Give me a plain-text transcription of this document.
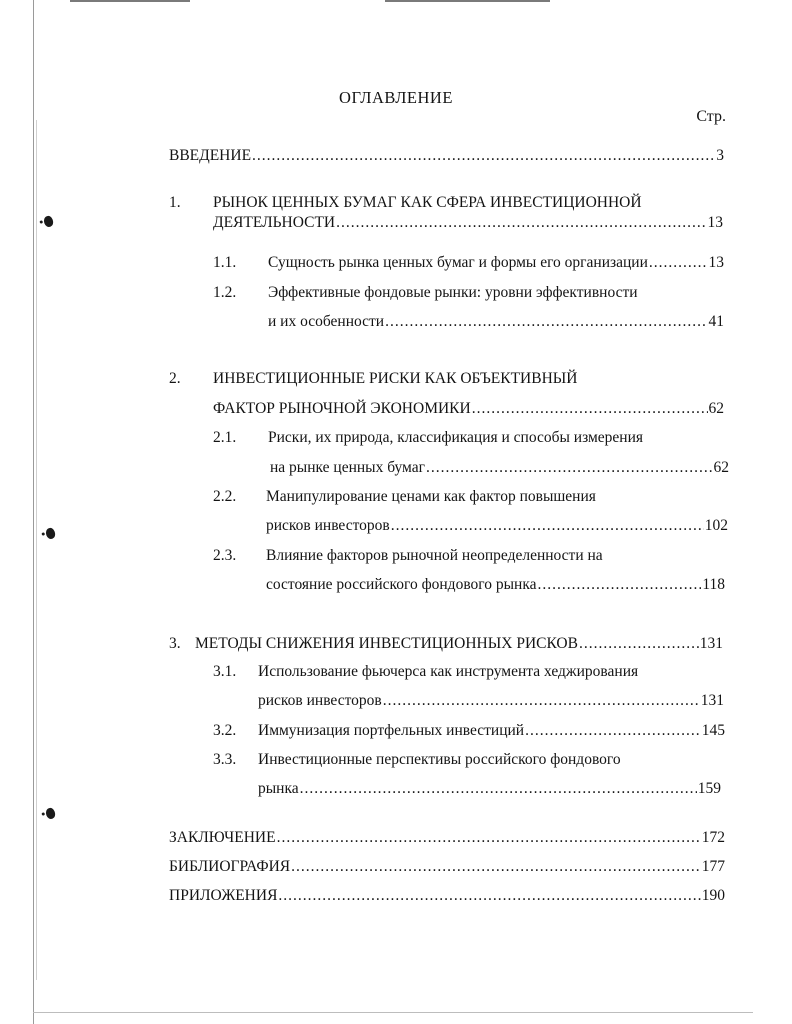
ОГЛАВЛЕНИЕ
Стр.
ВВЕДЕНИЕ .....	3
1. РЫНОК ЦЕННЫХ БУМАГ КАК СФЕРА ИНВЕСТИЦИОННОЙ
ДЕЯТЕЛЬНОСТИ .....	13
1.1. Сущность рынка ценных бумаг и формы его организации .....	13
1.2. Эффективные фондовые рынки: уровни эффективности
и их особенности .....	41
2. ИНВЕСТИЦИОННЫЕ РИСКИ КАК ОБЪЕКТИВНЫЙ
ФАКТОР РЫНОЧНОЙ ЭКОНОМИКИ .....	62
2.1. Риски, их природа, классификация и способы измерения
на рынке ценных бумаг .....	62
2.2. Манипулирование ценами как фактор повышения
рисков инвесторов .....	102
2.3. Влияние факторов рыночной неопределенности на
состояние российского фондового рынка .....	118
3. МЕТОДЫ СНИЖЕНИЯ ИНВЕСТИЦИОННЫХ РИСКОВ .....	131
3.1. Использование фьючерса как инструмента хеджирования
рисков инвесторов .....	131
3.2. Иммунизация портфельных инвестиций .....	145
3.3. Инвестиционные перспективы российского фондового
рынка .....	159
ЗАКЛЮЧЕНИЕ .....	172
БИБЛИОГРАФИЯ .....	177
ПРИЛОЖЕНИЯ .....	190
